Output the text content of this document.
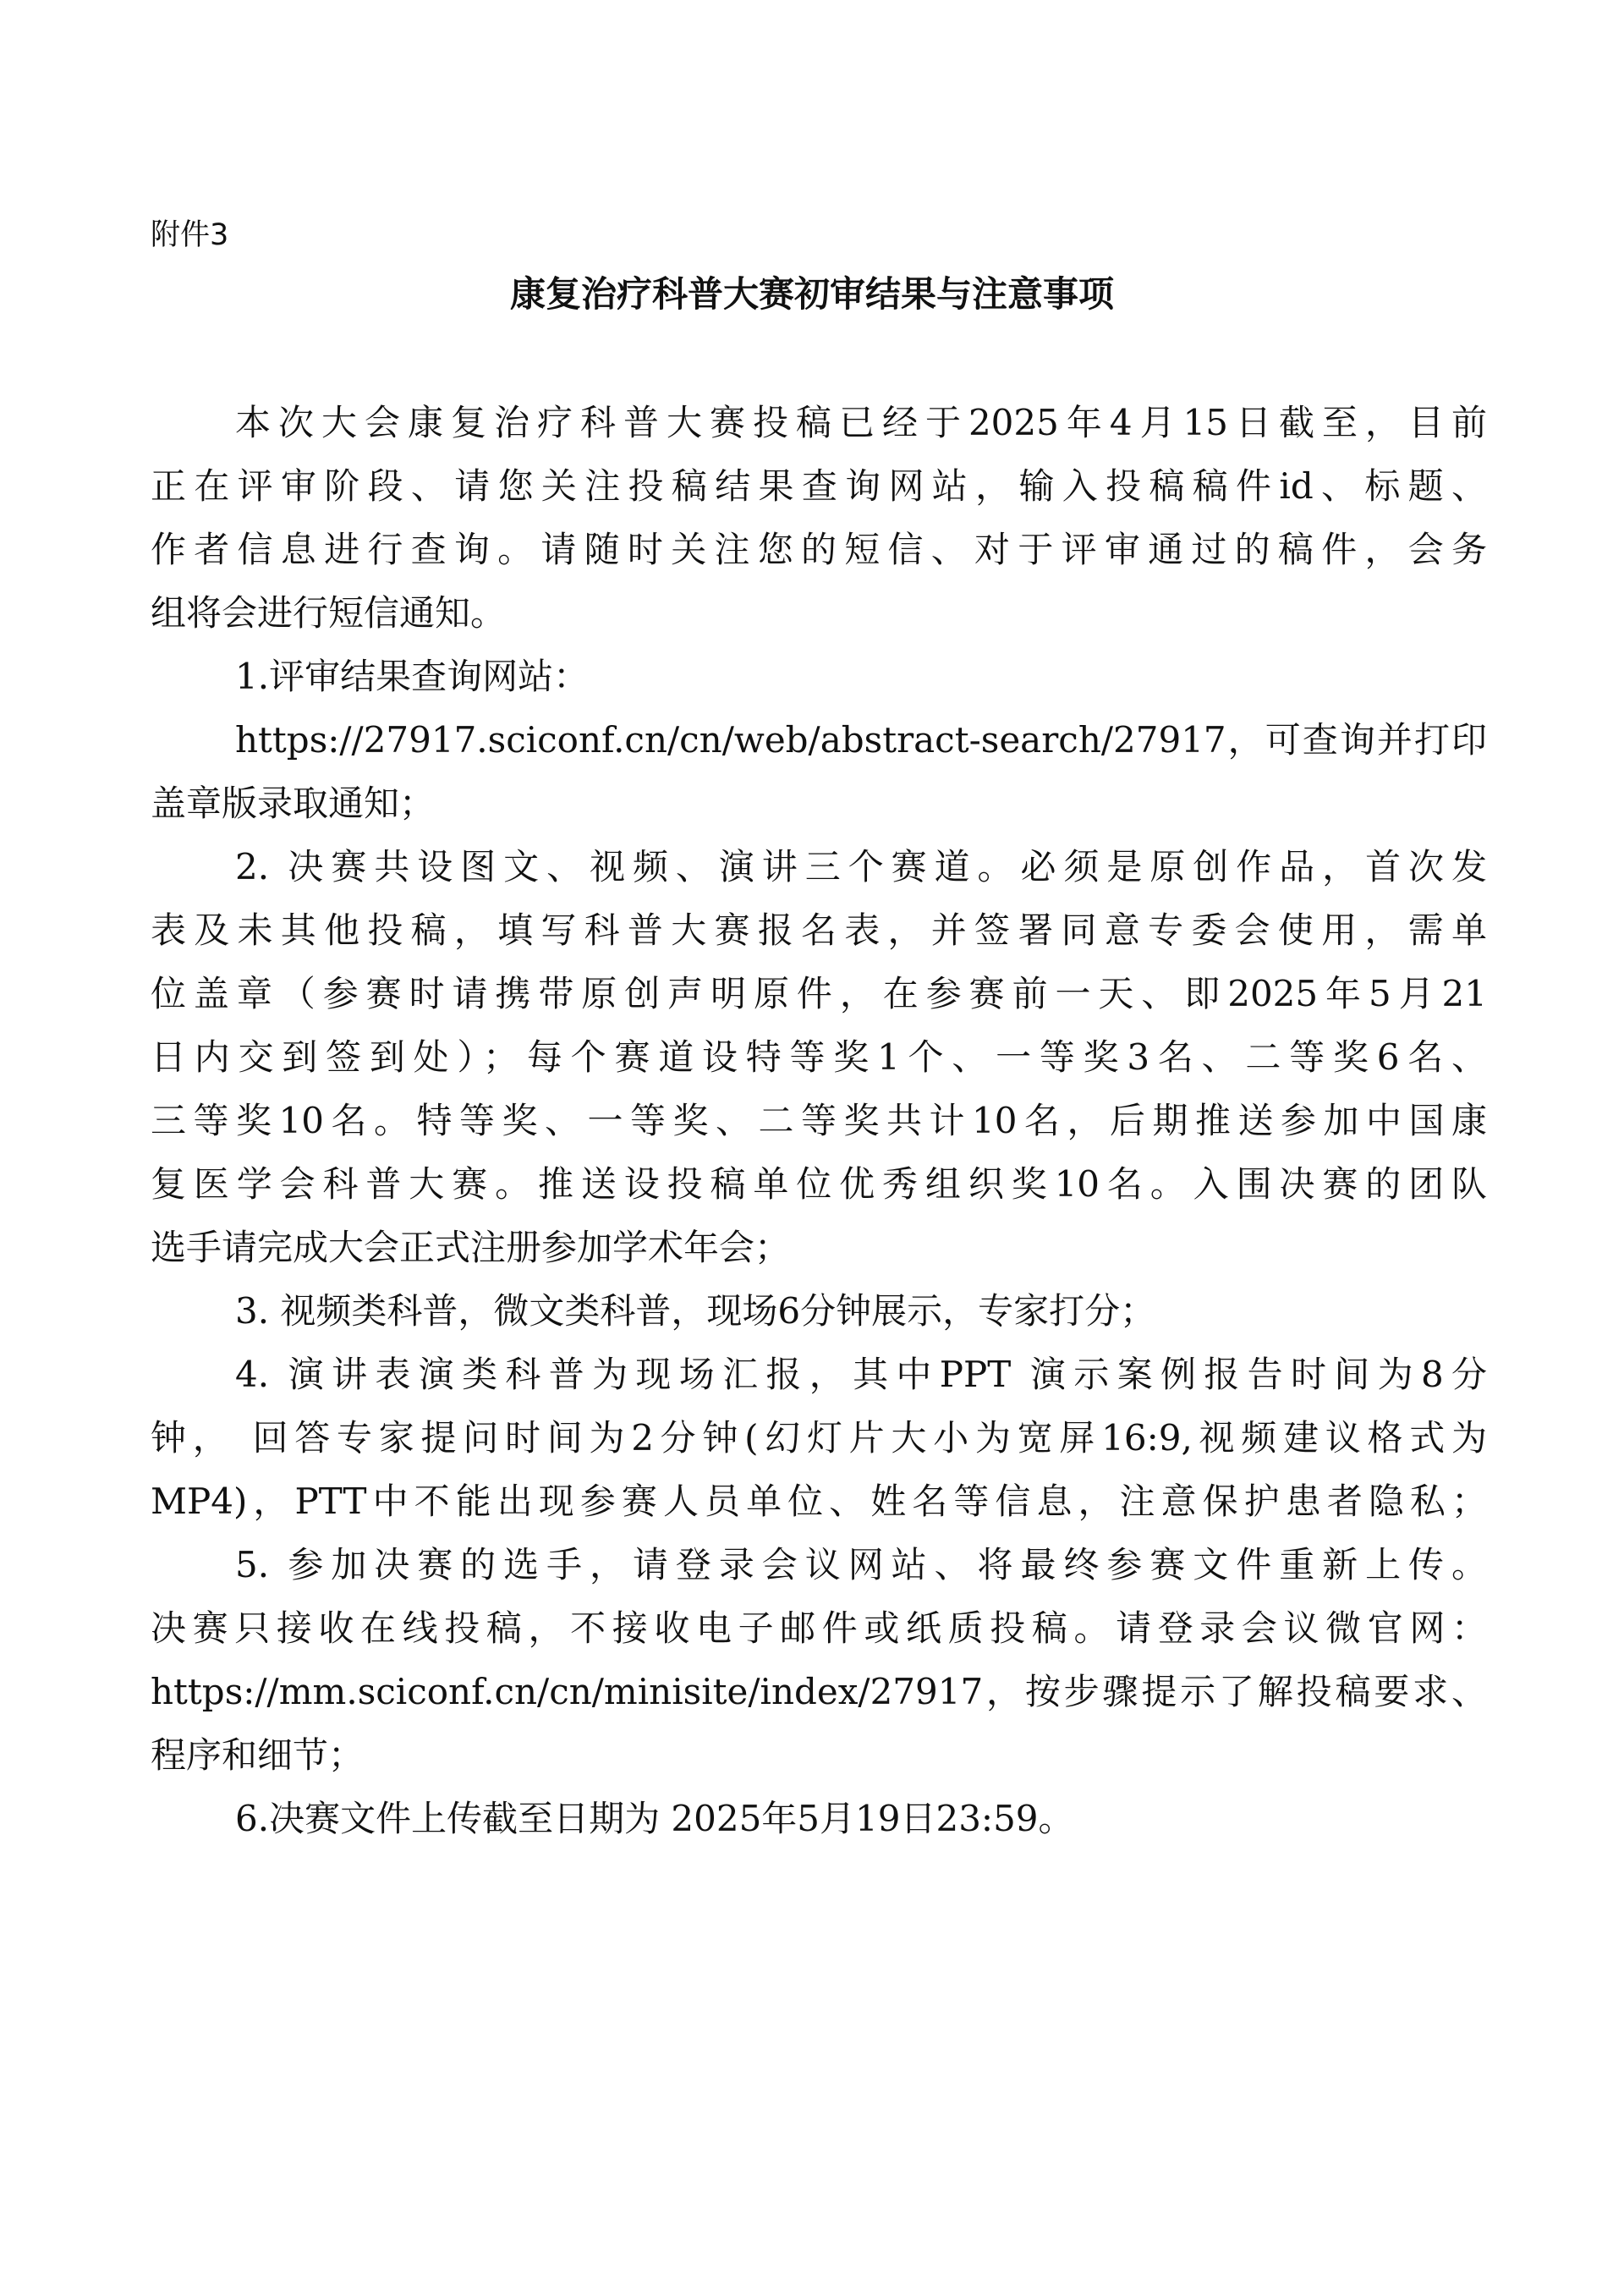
附件3
康复治疗科普大赛初审结果与注意事项
本次大会康复治疗科普大赛投稿已经于2025年4月15日截至，目前
正在评审阶段、请您关注投稿结果查询网站，输入投稿稿件id、标题、
作者信息进行查询。请随时关注您的短信、对于评审通过的稿件，会务
组将会进行短信通知。
1.评审结果查询网站：
https://27917.sciconf.cn/cn/web/abstract-search/27917，可查询并打印
盖章版录取通知；
2. 决赛共设图文、视频、演讲三个赛道。必须是原创作品，首次发
表及未其他投稿，填写科普大赛报名表，并签署同意专委会使用，需单
位盖章（参赛时请携带原创声明原件，在参赛前一天、即2025年5月21
日内交到签到处）；每个赛道设特等奖1个、一等奖3名、二等奖6名、
三等奖10名。特等奖、一等奖、二等奖共计10名，后期推送参加中国康
复医学会科普大赛。推送设投稿单位优秀组织奖10名。入围决赛的团队
选手请完成大会正式注册参加学术年会；
3. 视频类科普，微文类科普，现场6分钟展示，专家打分；
4. 演讲表演类科普为现场汇报，其中PPT 演示案例报告时间为8分
钟， 回答专家提问时间为2分钟(幻灯片大小为宽屏16:9,视频建议格式为
MP4)，PTT中不能出现参赛人员单位、姓名等信息，注意保护患者隐私；
5. 参加决赛的选手，请登录会议网站、将最终参赛文件重新上传。
决赛只接收在线投稿，不接收电子邮件或纸质投稿。请登录会议微官网：
https://mm.sciconf.cn/cn/minisite/index/27917，按步骤提示了解投稿要求、
程序和细节；
6.决赛文件上传截至日期为 2025年5月19日23:59。
